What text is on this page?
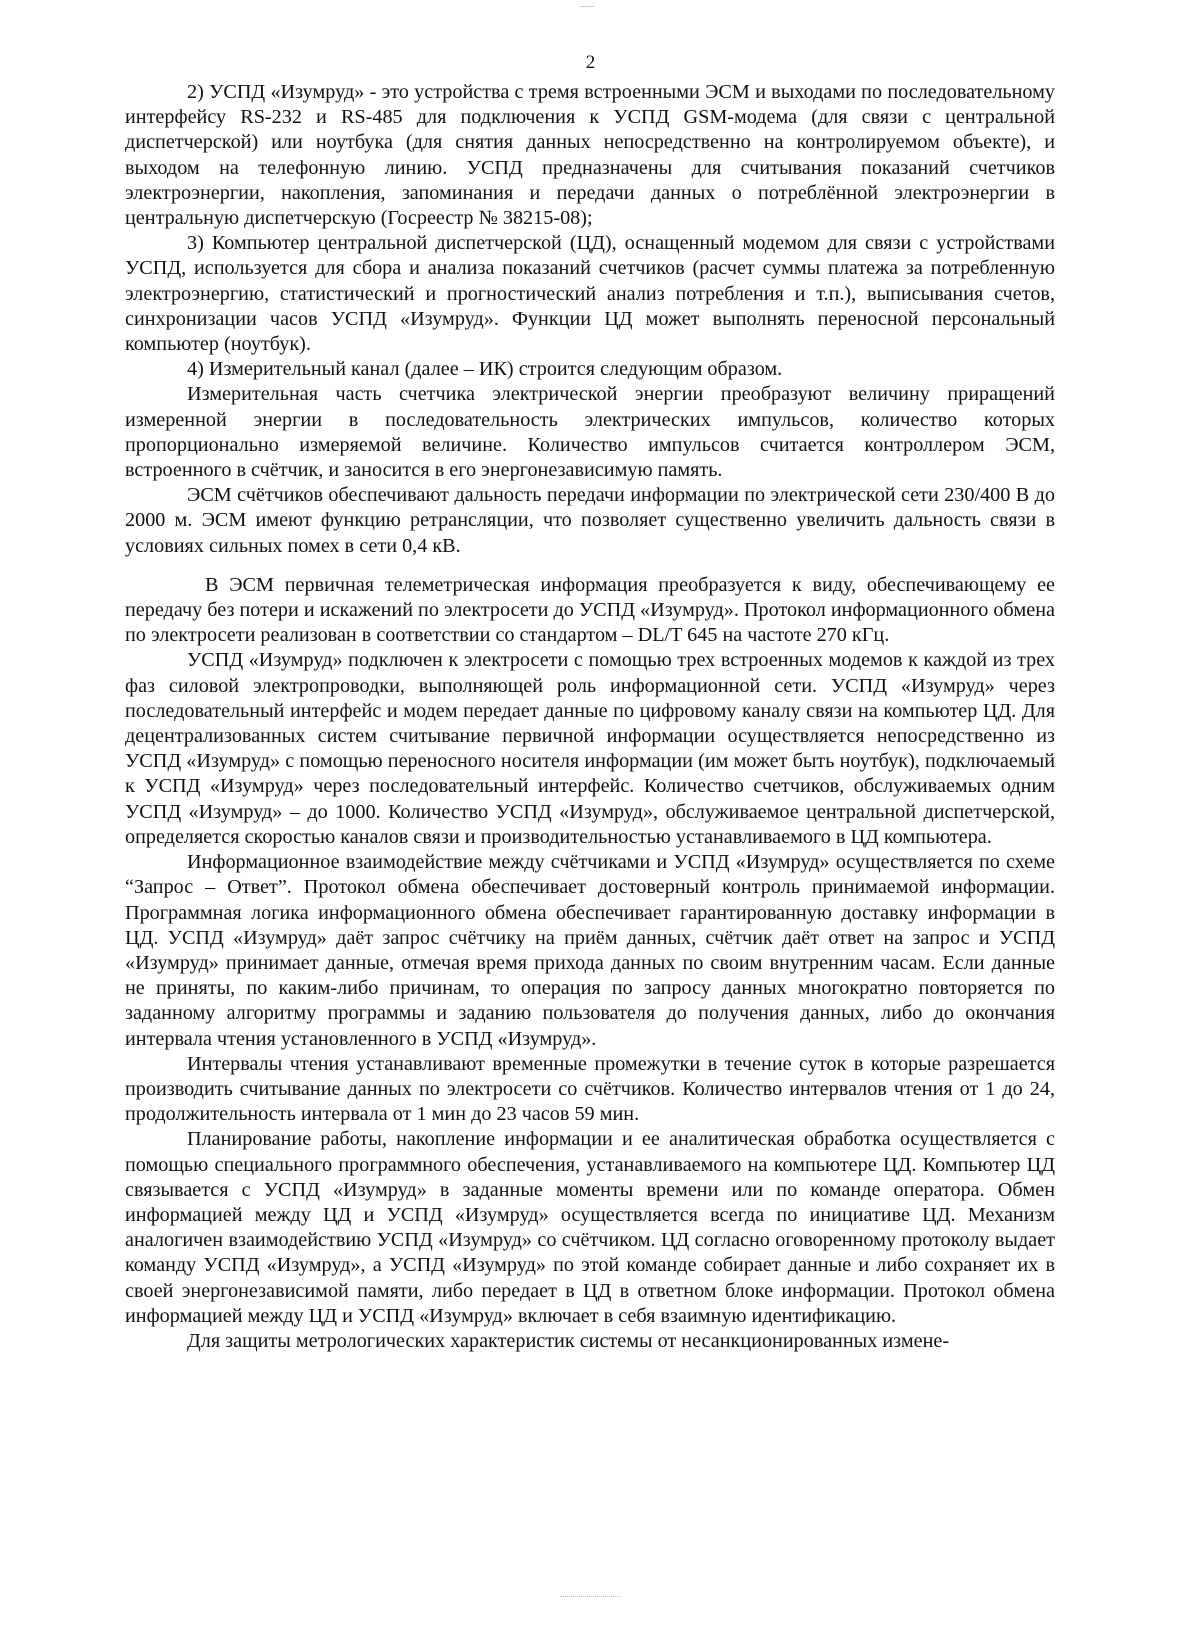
2

2) УСПД «Изумруд» - это устройства с тремя встроенными ЭСМ и выходами по последовательному интерфейсу RS-232 и RS-485 для подключения к УСПД GSM-модема (для связи с центральной диспетчерской) или ноутбука (для снятия данных непосредственно на контролируемом объекте), и выходом на телефонную линию. УСПД предназначены для считывания показаний счетчиков электроэнергии, накопления, запоминания и передачи данных о потреблённой электроэнергии в центральную диспетчерскую (Госреестр № 38215-08);

3) Компьютер центральной диспетчерской (ЦД), оснащенный модемом для связи с устройствами УСПД, используется для сбора и анализа показаний счетчиков (расчет суммы платежа за потребленную электроэнергию, статистический и прогностический анализ потребления и т.п.), выписывания счетов, синхронизации часов УСПД «Изумруд». Функции ЦД может выполнять переносной персональный компьютер (ноутбук).

4) Измерительный канал (далее – ИК) строится следующим образом.

Измерительная часть счетчика электрической энергии преобразуют величину приращений измеренной энергии в последовательность электрических импульсов, количество которых пропорционально измеряемой величине. Количество импульсов считается контроллером ЭСМ, встроенного в счётчик, и заносится в его энергонезависимую память.

ЭСМ счётчиков обеспечивают дальность передачи информации по электрической сети 230/400 В до 2000 м. ЭСМ имеют функцию ретрансляции, что позволяет существенно увеличить дальность связи в условиях сильных помех в сети 0,4 кВ.

В ЭСМ первичная телеметрическая информация преобразуется к виду, обеспечивающему ее передачу без потери и искажений по электросети до УСПД «Изумруд». Протокол информационного обмена по электросети реализован в соответствии со стандартом – DL/T 645 на частоте 270 кГц.

УСПД «Изумруд» подключен к электросети с помощью трех встроенных модемов к каждой из трех фаз силовой электропроводки, выполняющей роль информационной сети. УСПД «Изумруд» через последовательный интерфейс и модем передает данные по цифровому каналу связи на компьютер ЦД. Для децентрализованных систем считывание первичной информации осуществляется непосредственно из УСПД «Изумруд» с помощью переносного носителя информации (им может быть ноутбук), подключаемый к УСПД «Изумруд» через последовательный интерфейс. Количество счетчиков, обслуживаемых одним УСПД «Изумруд» – до 1000. Количество УСПД «Изумруд», обслуживаемое центральной диспетчерской, определяется скоростью каналов связи и производительностью устанавливаемого в ЦД компьютера.

Информационное взаимодействие между счётчиками и УСПД «Изумруд» осуществляется по схеме “Запрос – Ответ”. Протокол обмена обеспечивает достоверный контроль принимаемой информации. Программная логика информационного обмена обеспечивает гарантированную доставку информации в ЦД. УСПД «Изумруд» даёт запрос счётчику на приём данных, счётчик даёт ответ на запрос и УСПД «Изумруд» принимает данные, отмечая время прихода данных по своим внутренним часам. Если данные не приняты, по каким-либо причинам, то операция по запросу данных многократно повторяется по заданному алгоритму программы и заданию пользователя до получения данных, либо до окончания интервала чтения установленного в УСПД «Изумруд».

Интервалы чтения устанавливают временные промежутки в течение суток в которые разрешается производить считывание данных по электросети со счётчиков. Количество интервалов чтения от 1 до 24, продолжительность интервала от 1 мин до 23 часов 59 мин.

Планирование работы, накопление информации и ее аналитическая обработка осуществляется с помощью специального программного обеспечения, устанавливаемого на компьютере ЦД. Компьютер ЦД связывается с УСПД «Изумруд» в заданные моменты времени или по команде оператора. Обмен информацией между ЦД и УСПД «Изумруд» осуществляется всегда по инициативе ЦД. Механизм аналогичен взаимодействию УСПД «Изумруд» со счётчиком. ЦД согласно оговоренному протоколу выдает команду УСПД «Изумруд», а УСПД «Изумруд» по этой команде собирает данные и либо сохраняет их в своей энергонезависимой памяти, либо передает в ЦД в ответном блоке информации. Протокол обмена информацией между ЦД и УСПД «Изумруд» включает в себя взаимную идентификацию.

Для защиты метрологических характеристик системы от несанкционированных измене-
